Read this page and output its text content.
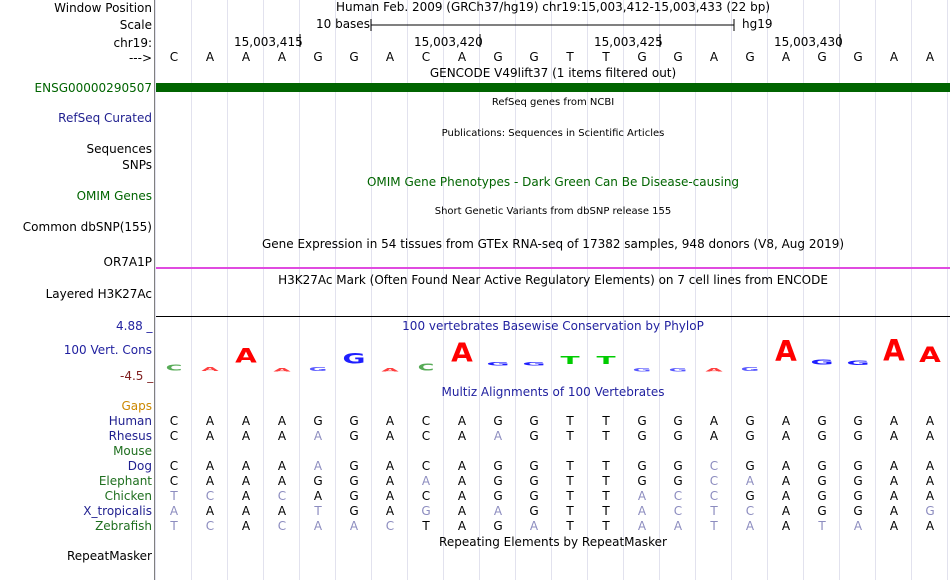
Window Position	Human Feb. 2009 (GRCh37/hg19) chr19:15,003,412-15,003,433 (22 bp)
Scale	10 bases	hg19
chr19:	15,003,415	15,003,420	15,003,425	15,003,430
--->	C	A	A	A	G	G	A	C	A	G	G	T	T	G	G	A	G	A	G	G	A	A
GENCODE V49lift37 (1 items filtered out)
ENSG00000290507
RefSeq genes from NCBI
RefSeq Curated
Publications: Sequences in Scientific Articles
Sequences
SNPs
OMIM Gene Phenotypes - Dark Green Can Be Disease-causing
OMIM Genes
Short Genetic Variants from dbSNP release 155
Common dbSNP(155)
Gene Expression in 54 tissues from GTEx RNA-seq of 17382 samples, 948 donors (V8, Aug 2019)
OR7A1P
H3K27Ac Mark (Often Found Near Active Regulatory Elements) on 7 cell lines from ENCODE
Layered H3K27Ac
100 vertebrates Basewise Conservation by PhyloP
100 Vert. Cons
4.88 _
-4.5 _
C A
A
A G
G
A C A G G T T
G G A G
A G G A A
Multiz Alignments of 100 Vertebrates
Gaps
Human	C	A	A	A	G	G	A	C	A	G	G	T	T	G	G	A	G	A	G	G	A	A
Rhesus	C	A	A	A	A	G	A	C	A	A	G	T	T	G	G	A	G	A	G	G	A	A
Mouse
Dog	C	A	A	A	A	G	A	C	A	G	G	T	T	G	G	C	G	A	G	G	A	A
Elephant	C	A	A	A	G	G	A	A	A	G	G	T	T	G	G	C	A	A	G	G	A	A
Chicken	T	C	A	C	A	G	A	C	A	G	G	T	T	A	C	C	G	A	G	G	A	A
X_tropicalis	A	A	A	A	T	G	A	G	A	A	G	T	T	A	C	T	C	A	G	G	A	G
Zebrafish	T	C	A	C	A	A	C	T	A	G	A	T	T	A	A	T	A	A	T	A	A	A
Repeating Elements by RepeatMasker
RepeatMasker
